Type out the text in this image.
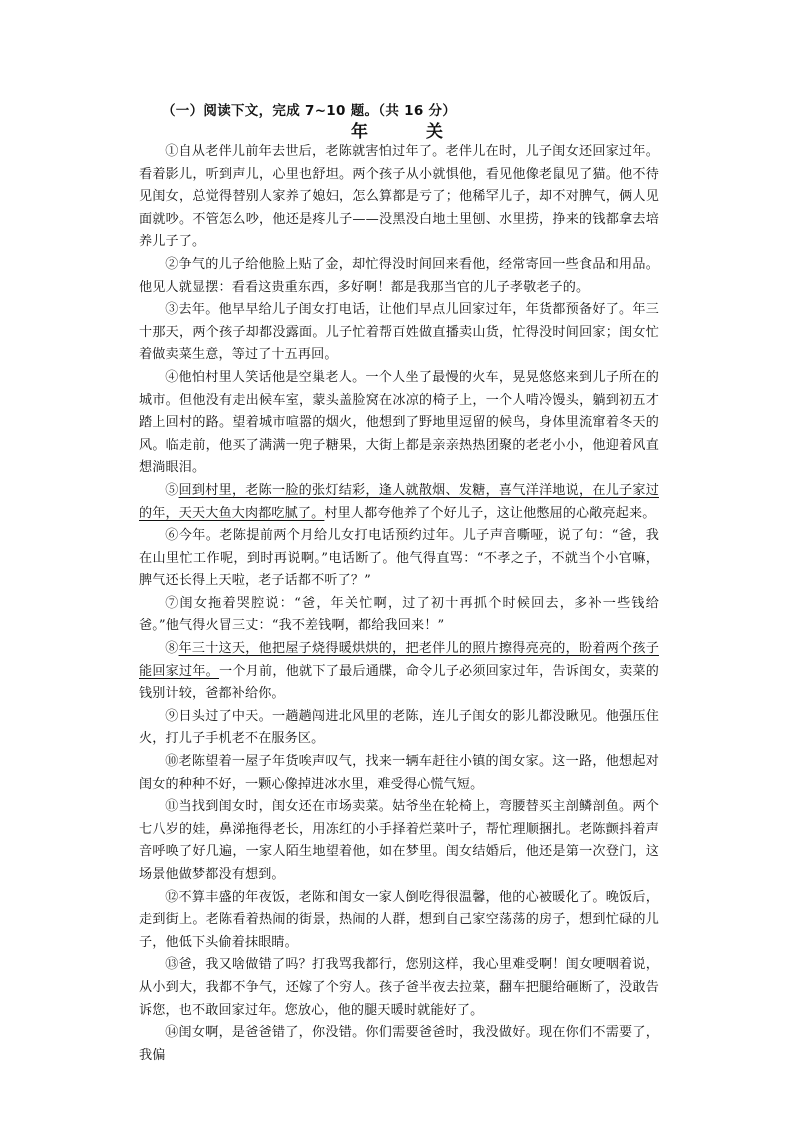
（一）阅读下文，完成 7~10 题。（共 16 分）
年 关

①自从老伴儿前年去世后，老陈就害怕过年了。老伴儿在时，儿子闺女还回家过年。看着影儿，听到声儿，心里也舒坦。两个孩子从小就惧他，看见他像老鼠见了猫。他不待见闺女，总觉得替别人家养了媳妇，怎么算都是亏了；他稀罕儿子，却不对脾气，俩人见面就吵。不管怎么吵，他还是疼儿子——没黑没白地土里刨、水里捞，挣来的钱都拿去培养儿子了。

②争气的儿子给他脸上贴了金，却忙得没时间回来看他，经常寄回一些食品和用品。他见人就显摆：看看这贵重东西，多好啊！都是我那当官的儿子孝敬老子的。

③去年。他早早给儿子闺女打电话，让他们早点儿回家过年，年货都预备好了。年三十那天，两个孩子却都没露面。儿子忙着帮百姓做直播卖山货，忙得没时间回家；闺女忙着做卖菜生意，等过了十五再回。

④他怕村里人笑话他是空巢老人。一个人坐了最慢的火车，晃晃悠悠来到儿子所在的城市。但他没有走出候车室，蒙头盖脸窝在冰凉的椅子上，一个人啃冷馒头，躺到初五才踏上回村的路。望着城市喧嚣的烟火，他想到了野地里逗留的候鸟，身体里流窜着冬天的风。临走前，他买了满满一兜子糖果，大街上都是亲亲热热团聚的老老小小，他迎着风直想淌眼泪。

⑤回到村里，老陈一脸的张灯结彩，逢人就散烟、发糖，喜气洋洋地说，在儿子家过的年，天天大鱼大肉都吃腻了。村里人都夸他养了个好儿子，这让他憋屈的心敞亮起来。

⑥今年。老陈提前两个月给儿女打电话预约过年。儿子声音嘶哑，说了句：“爸，我在山里忙工作呢，到时再说啊。”电话断了。他气得直骂：“不孝之子，不就当个小官嘛，脾气还长得上天啦，老子话都不听了？”

⑦闺女拖着哭腔说：“爸，年关忙啊，过了初十再抓个时候回去，多补一些钱给爸。”他气得火冒三丈：“我不差钱啊，都给我回来！”

⑧年三十这天，他把屋子烧得暖烘烘的，把老伴儿的照片擦得亮亮的，盼着两个孩子能回家过年。一个月前，他就下了最后通牒，命令儿子必须回家过年，告诉闺女，卖菜的钱别计较，爸都补给你。

⑨日头过了中天。一趟趟闯进北风里的老陈，连儿子闺女的影儿都没瞅见。他强压住火，打儿子手机老不在服务区。

⑩老陈望着一屋子年货唉声叹气，找来一辆车赶往小镇的闺女家。这一路，他想起对闺女的种种不好，一颗心像掉进冰水里，难受得心慌气短。

⑪当找到闺女时，闺女还在市场卖菜。姑爷坐在轮椅上，弯腰替买主剖鳞剖鱼。两个七八岁的娃，鼻涕拖得老长，用冻红的小手择着烂菜叶子，帮忙理顺捆扎。老陈颤抖着声音呼唤了好几遍，一家人陌生地望着他，如在梦里。闺女结婚后，他还是第一次登门，这场景他做梦都没有想到。

⑫不算丰盛的年夜饭，老陈和闺女一家人倒吃得很温馨，他的心被暖化了。晚饭后，走到街上。老陈看着热闹的街景，热闹的人群，想到自己家空荡荡的房子，想到忙碌的儿子，他低下头偷着抹眼睛。

⑬爸，我又啥做错了吗？打我骂我都行，您别这样，我心里难受啊！闺女哽咽着说，从小到大，我都不争气，还嫁了个穷人。孩子爸半夜去拉菜，翻车把腿给砸断了，没敢告诉您，也不敢回家过年。您放心，他的腿天暖时就能好了。

⑭闺女啊，是爸爸错了，你没错。你们需要爸爸时，我没做好。现在你们不需要了，我偏
